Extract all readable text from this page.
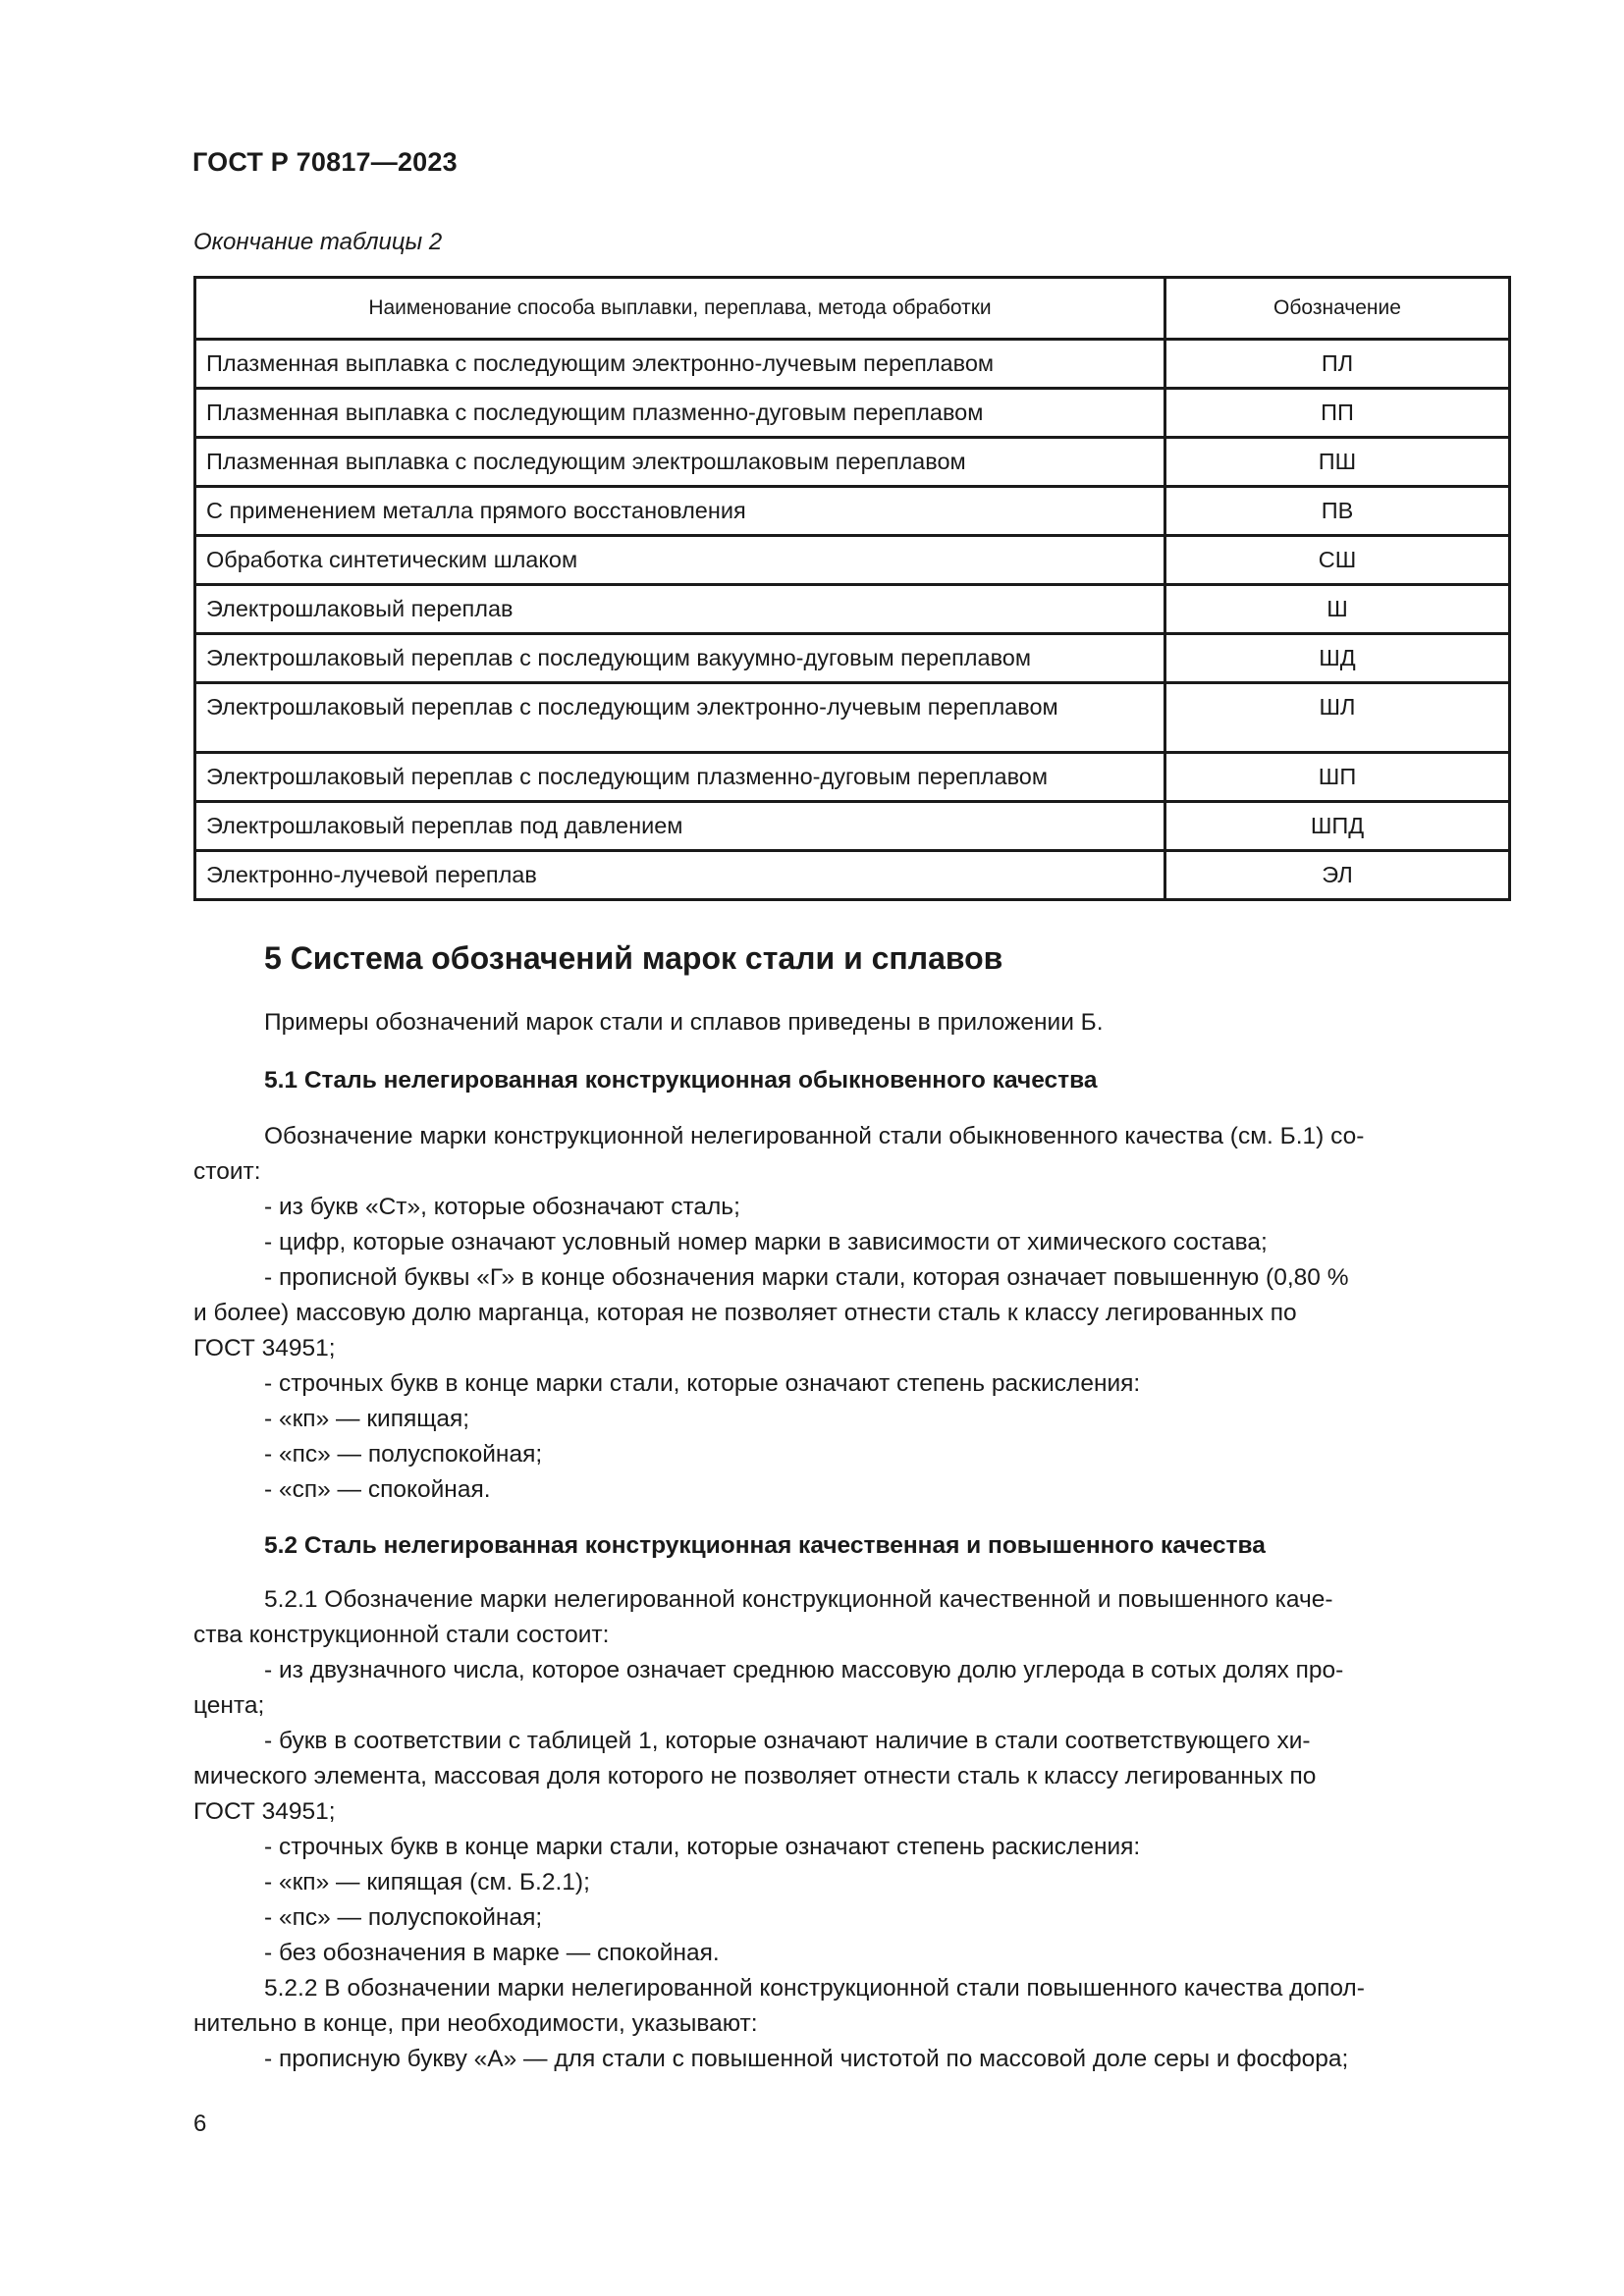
ГОСТ Р 70817—2023
Окончание таблицы 2
Наименование способа выплавки, переплава, метода обработки	Обозначение
Плазменная выплавка с последующим электронно-лучевым переплавом	ПЛ
Плазменная выплавка с последующим плазменно-дуговым переплавом	ПП
Плазменная выплавка с последующим электрошлаковым переплавом	ПШ
С применением металла прямого восстановления	ПВ
Обработка синтетическим шлаком	СШ
Электрошлаковый переплав	Ш
Электрошлаковый переплав с последующим вакуумно-дуговым переплавом	ШД
Электрошлаковый переплав с последующим электронно-лучевым переплавом	ШЛ
Электрошлаковый переплав с последующим плазменно-дуговым переплавом	ШП
Электрошлаковый переплав под давлением	ШПД
Электронно-лучевой переплав	ЭЛ
5 Система обозначений марок стали и сплавов
Примеры обозначений марок стали и сплавов приведены в приложении Б.
5.1 Сталь нелегированная конструкционная обыкновенного качества
Обозначение марки конструкционной нелегированной стали обыкновенного качества (см. Б.1) со-
стоит:
- из букв «Ст», которые обозначают сталь;
- цифр, которые означают условный номер марки в зависимости от химического состава;
- прописной буквы «Г» в конце обозначения марки стали, которая означает повышенную (0,80 %
и более) массовую долю марганца, которая не позволяет отнести сталь к классу легированных по
ГОСТ 34951;
- строчных букв в конце марки стали, которые означают степень раскисления:
- «кп» — кипящая;
- «пс» — полуспокойная;
- «сп» — спокойная.
5.2 Сталь нелегированная конструкционная качественная и повышенного качества
5.2.1 Обозначение марки нелегированной конструкционной качественной и повышенного каче-
ства конструкционной стали состоит:
- из двузначного числа, которое означает среднюю массовую долю углерода в сотых долях про-
цента;
- букв в соответствии с таблицей 1, которые означают наличие в стали соответствующего хи-
мического элемента, массовая доля которого не позволяет отнести сталь к классу легированных по
ГОСТ 34951;
- строчных букв в конце марки стали, которые означают степень раскисления:
- «кп» — кипящая (см. Б.2.1);
- «пс» — полуспокойная;
- без обозначения в марке — спокойная.
5.2.2 В обозначении марки нелегированной конструкционной стали повышенного качества допол-
нительно в конце, при необходимости, указывают:
- прописную букву «А» — для стали с повышенной чистотой по массовой доле серы и фосфора;
6
